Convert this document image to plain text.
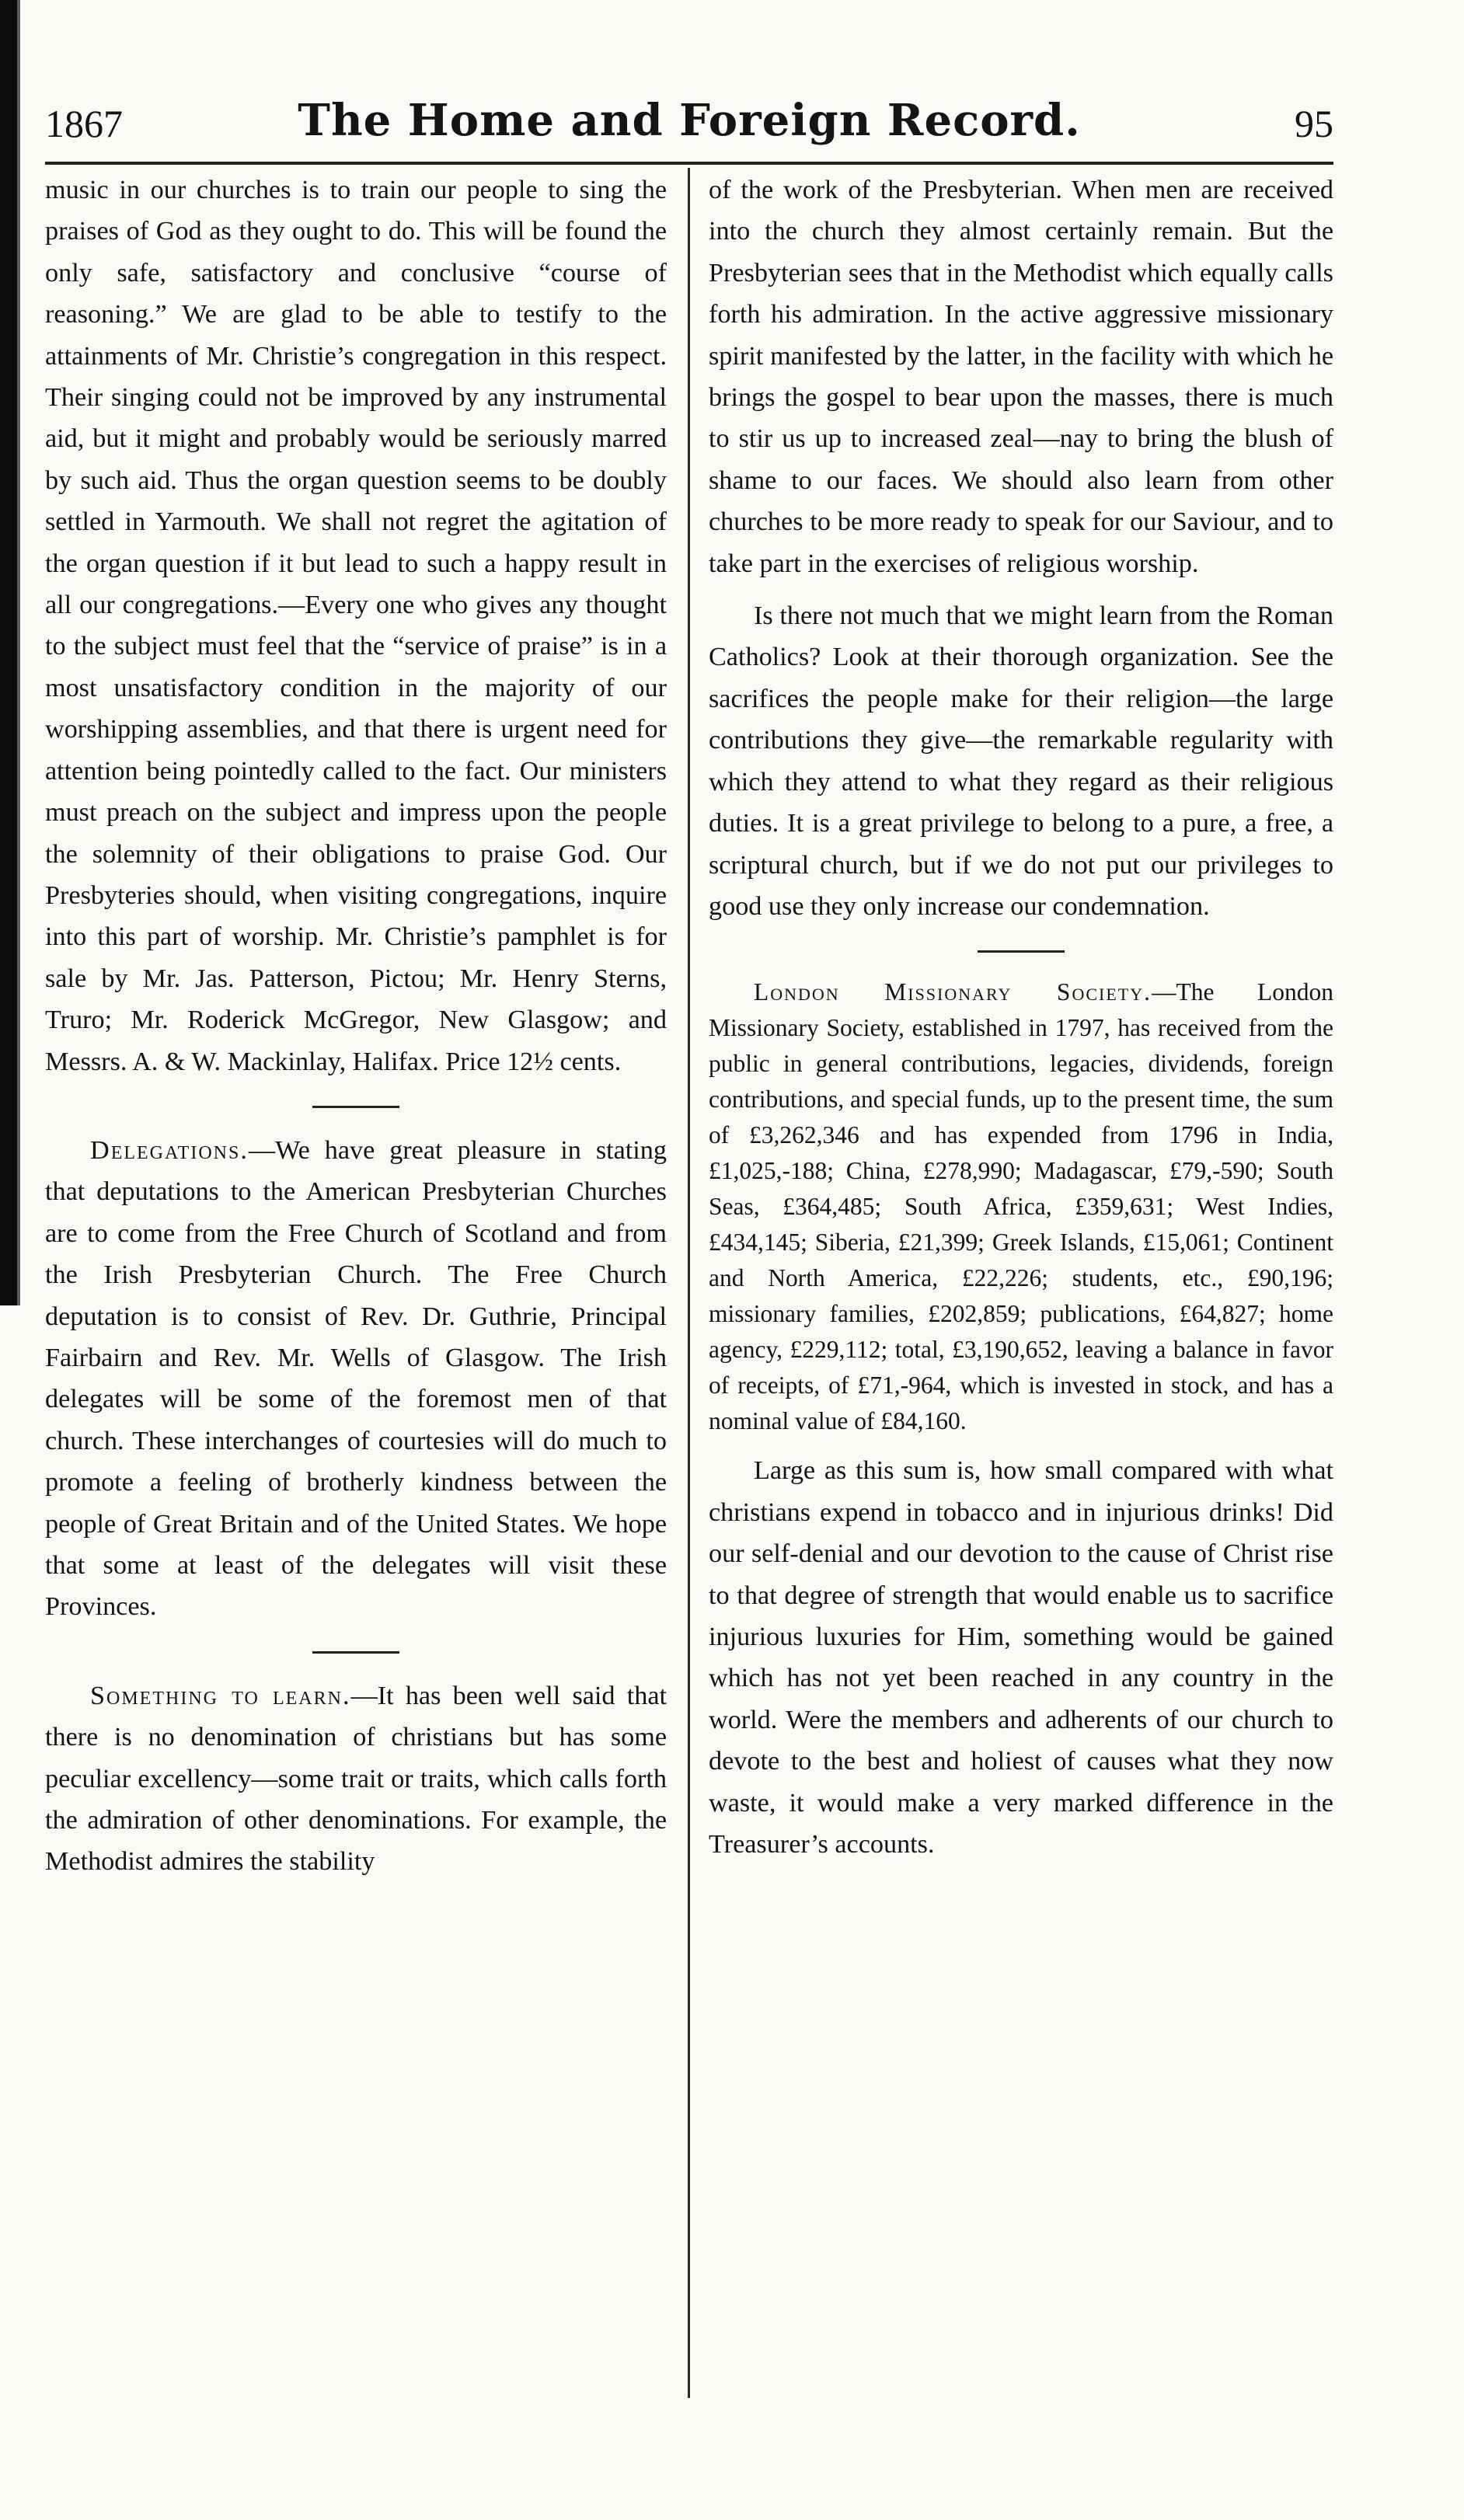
1867	The Home and Foreign Record.	95

music in our churches is to train our people to sing the praises of God as they ought to do. This will be found the only safe, satisfactory and conclusive “course of reasoning.” We are glad to be able to testify to the attainments of Mr. Christie’s congregation in this respect. Their singing could not be improved by any instrumental aid, but it might and probably would be seriously marred by such aid. Thus the organ question seems to be doubly settled in Yarmouth. We shall not regret the agitation of the organ question if it but lead to such a happy result in all our congregations.—Every one who gives any thought to the subject must feel that the “service of praise” is in a most unsatisfactory condition in the majority of our worshipping assemblies, and that there is urgent need for attention being pointedly called to the fact. Our ministers must preach on the subject and impress upon the people the solemnity of their obligations to praise God. Our Presbyteries should, when visiting congregations, inquire into this part of worship. Mr. Christie’s pamphlet is for sale by Mr. Jas. Patterson, Pictou; Mr. Henry Sterns, Truro; Mr. Roderick McGregor, New Glasgow; and Messrs. A. & W. Mackinlay, Halifax. Price 12½ cents.

Delegations.—We have great pleasure in stating that deputations to the American Presbyterian Churches are to come from the Free Church of Scotland and from the Irish Presbyterian Church. The Free Church deputation is to consist of Rev. Dr. Guthrie, Principal Fairbairn and Rev. Mr. Wells of Glasgow. The Irish delegates will be some of the foremost men of that church. These interchanges of courtesies will do much to promote a feeling of brotherly kindness between the people of Great Britain and of the United States. We hope that some at least of the delegates will visit these Provinces.

Something to learn.—It has been well said that there is no denomination of christians but has some peculiar excellency—some trait or traits, which calls forth the admiration of other denominations. For example, the Methodist admires the stability

of the work of the Presbyterian. When men are received into the church they almost certainly remain. But the Presbyterian sees that in the Methodist which equally calls forth his admiration. In the active aggressive missionary spirit manifested by the latter, in the facility with which he brings the gospel to bear upon the masses, there is much to stir us up to increased zeal—nay to bring the blush of shame to our faces. We should also learn from other churches to be more ready to speak for our Saviour, and to take part in the exercises of religious worship.

Is there not much that we might learn from the Roman Catholics? Look at their thorough organization. See the sacrifices the people make for their religion—the large contributions they give—the remarkable regularity with which they attend to what they regard as their religious duties. It is a great privilege to belong to a pure, a free, a scriptural church, but if we do not put our privileges to good use they only increase our condemnation.

London Missionary Society.—The London Missionary Society, established in 1797, has received from the public in general contributions, legacies, dividends, foreign contributions, and special funds, up to the present time, the sum of £3,262,346 and has expended from 1796 in India, £1,025,-188; China, £278,990; Madagascar, £79,-590; South Seas, £364,485; South Africa, £359,631; West Indies, £434,145; Siberia, £21,399; Greek Islands, £15,061; Continent and North America, £22,226; students, etc., £90,196; missionary families, £202,859; publications, £64,827; home agency, £229,112; total, £3,190,652, leaving a balance in favor of receipts, of £71,-964, which is invested in stock, and has a nominal value of £84,160.

Large as this sum is, how small compared with what christians expend in tobacco and in injurious drinks! Did our self-denial and our devotion to the cause of Christ rise to that degree of strength that would enable us to sacrifice injurious luxuries for Him, something would be gained which has not yet been reached in any country in the world. Were the members and adherents of our church to devote to the best and holiest of causes what they now waste, it would make a very marked difference in the Treasurer’s accounts.
